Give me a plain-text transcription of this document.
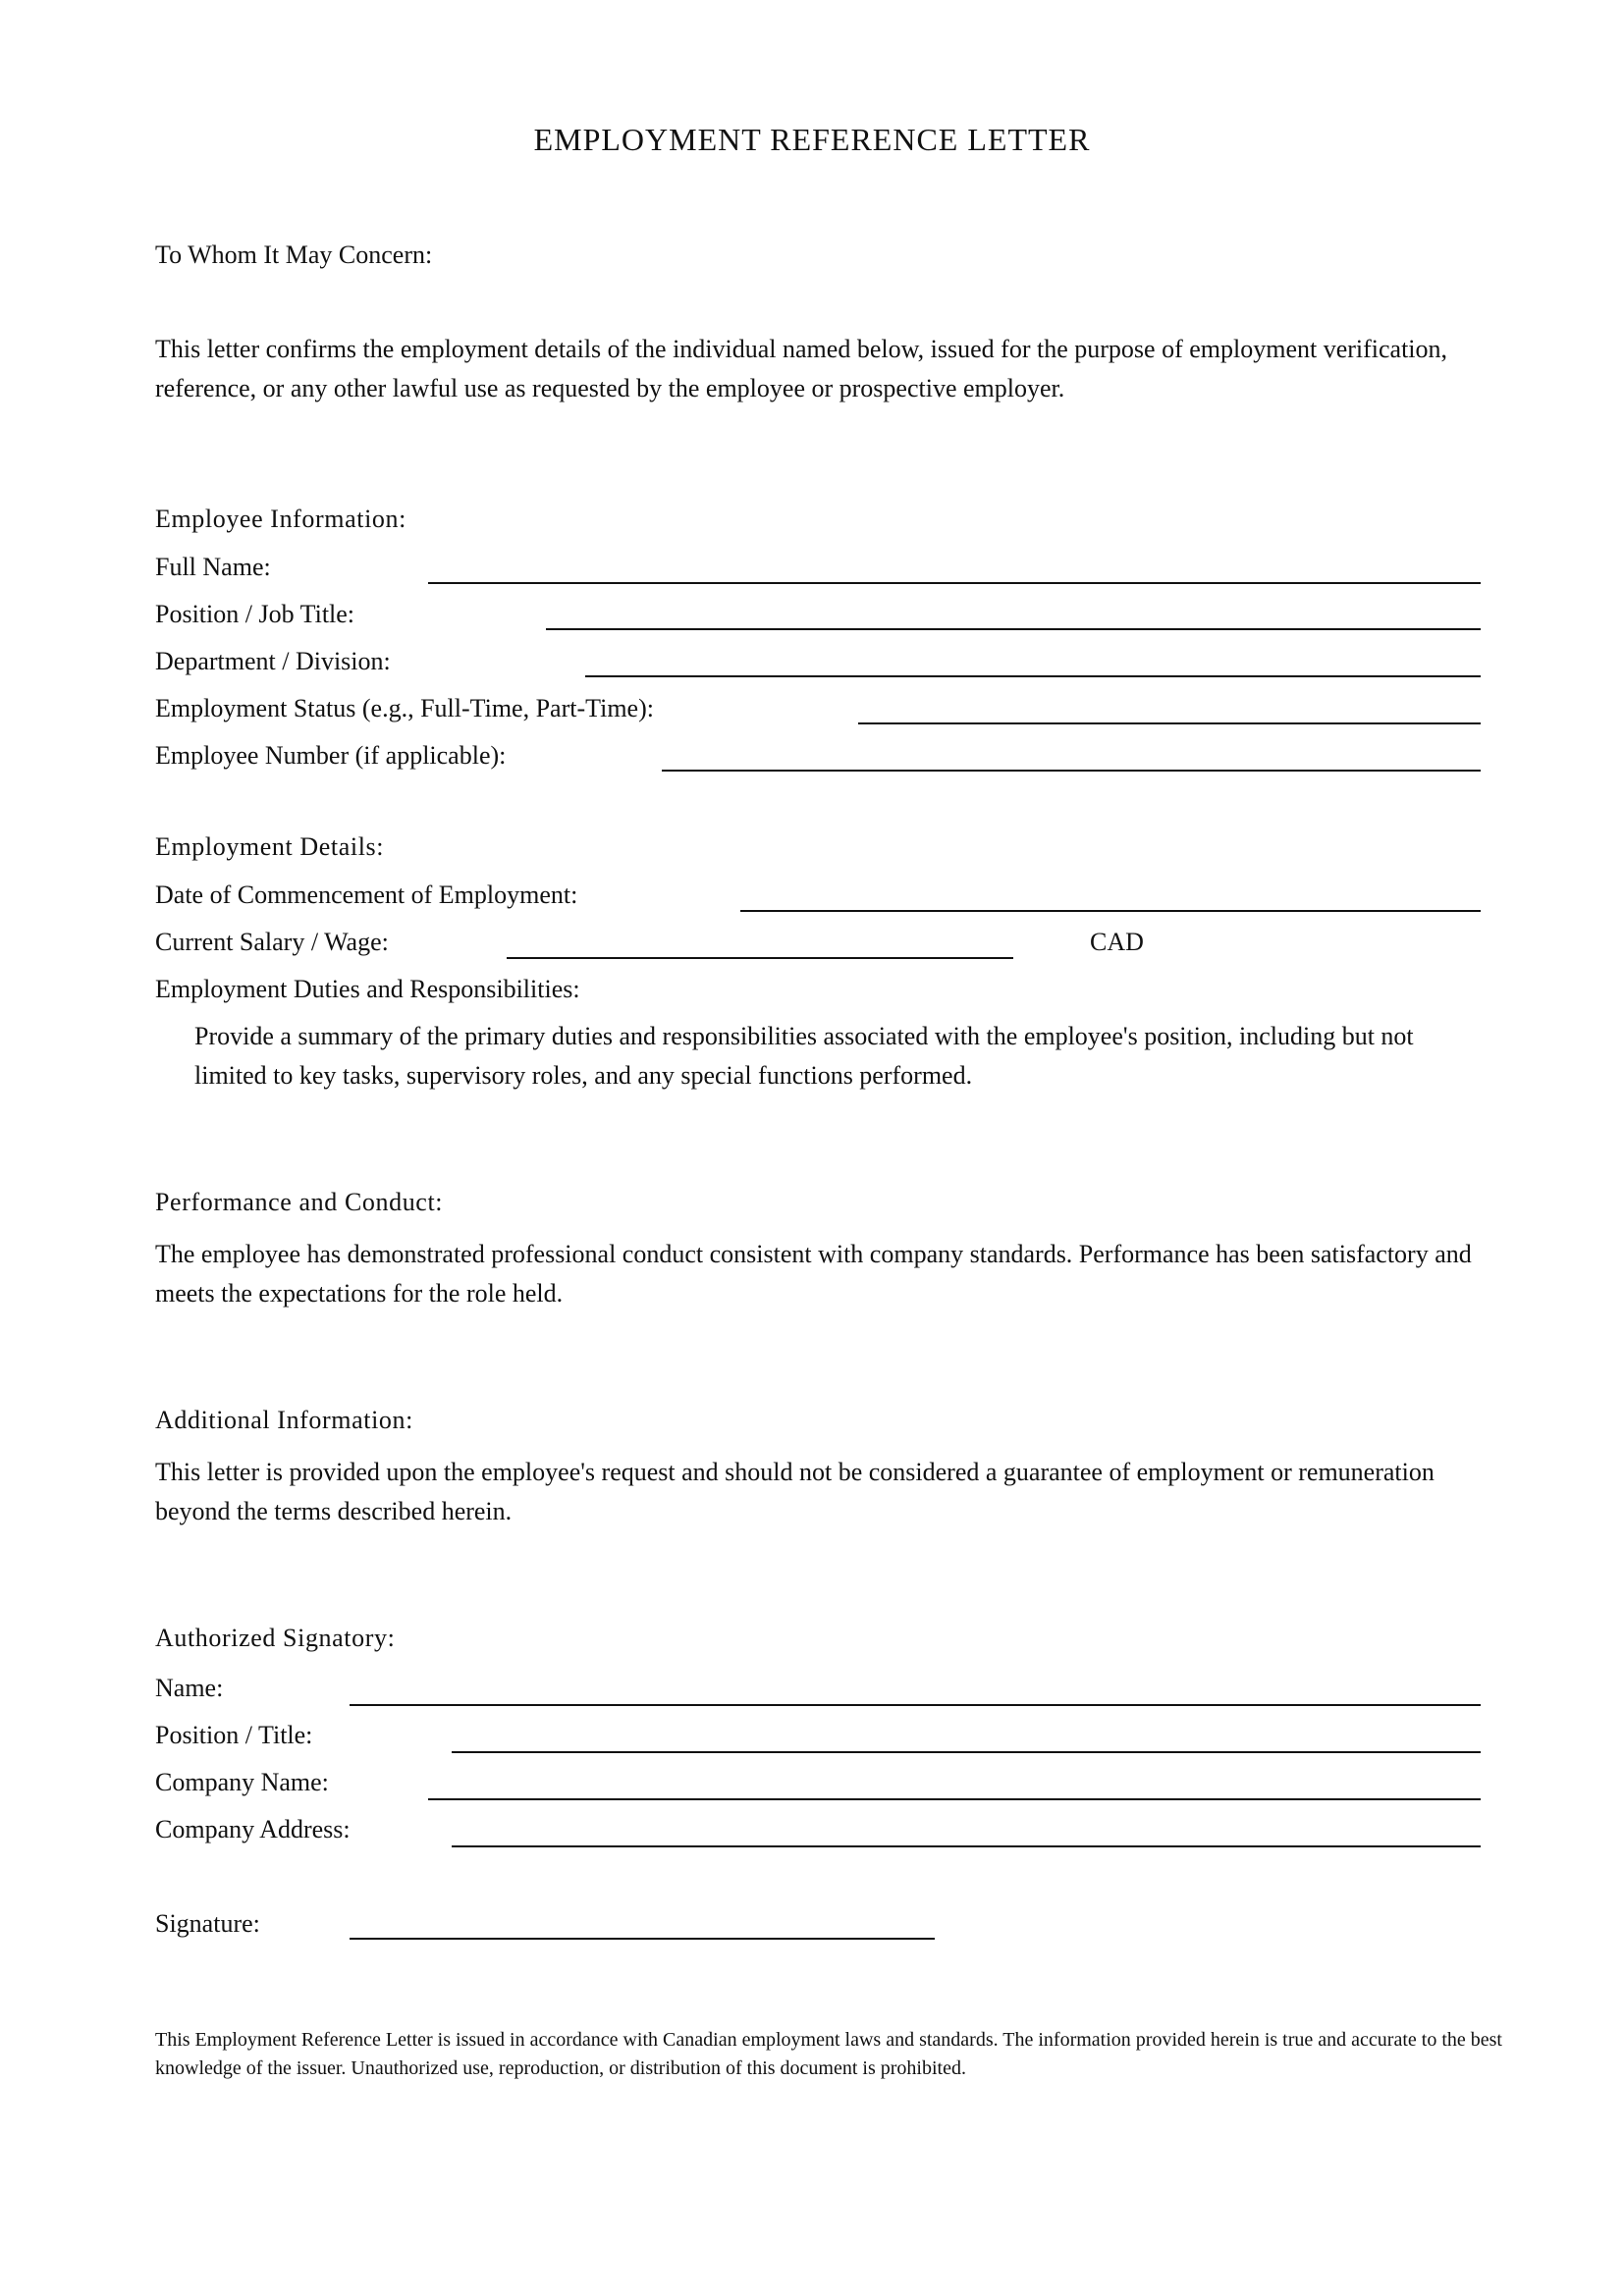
EMPLOYMENT REFERENCE LETTER
To Whom It May Concern:
This letter confirms the employment details of the individual named below, issued for the purpose of employment verification, reference, or any other lawful use as requested by the employee or prospective employer.
Employee Information:
Full Name:
Position / Job Title:
Department / Division:
Employment Status (e.g., Full-Time, Part-Time):
Employee Number (if applicable):
Employment Details:
Date of Commencement of Employment:
Current Salary / Wage:	CAD
Employment Duties and Responsibilities:
Provide a summary of the primary duties and responsibilities associated with the employee's position, including but not limited to key tasks, supervisory roles, and any special functions performed.
Performance and Conduct:
The employee has demonstrated professional conduct consistent with company standards. Performance has been satisfactory and meets the expectations for the role held.
Additional Information:
This letter is provided upon the employee's request and should not be considered a guarantee of employment or remuneration beyond the terms described herein.
Authorized Signatory:
Name:
Position / Title:
Company Name:
Company Address:
Signature:
This Employment Reference Letter is issued in accordance with Canadian employment laws and standards. The information provided herein is true and accurate to the best knowledge of the issuer. Unauthorized use, reproduction, or distribution of this document is prohibited.
